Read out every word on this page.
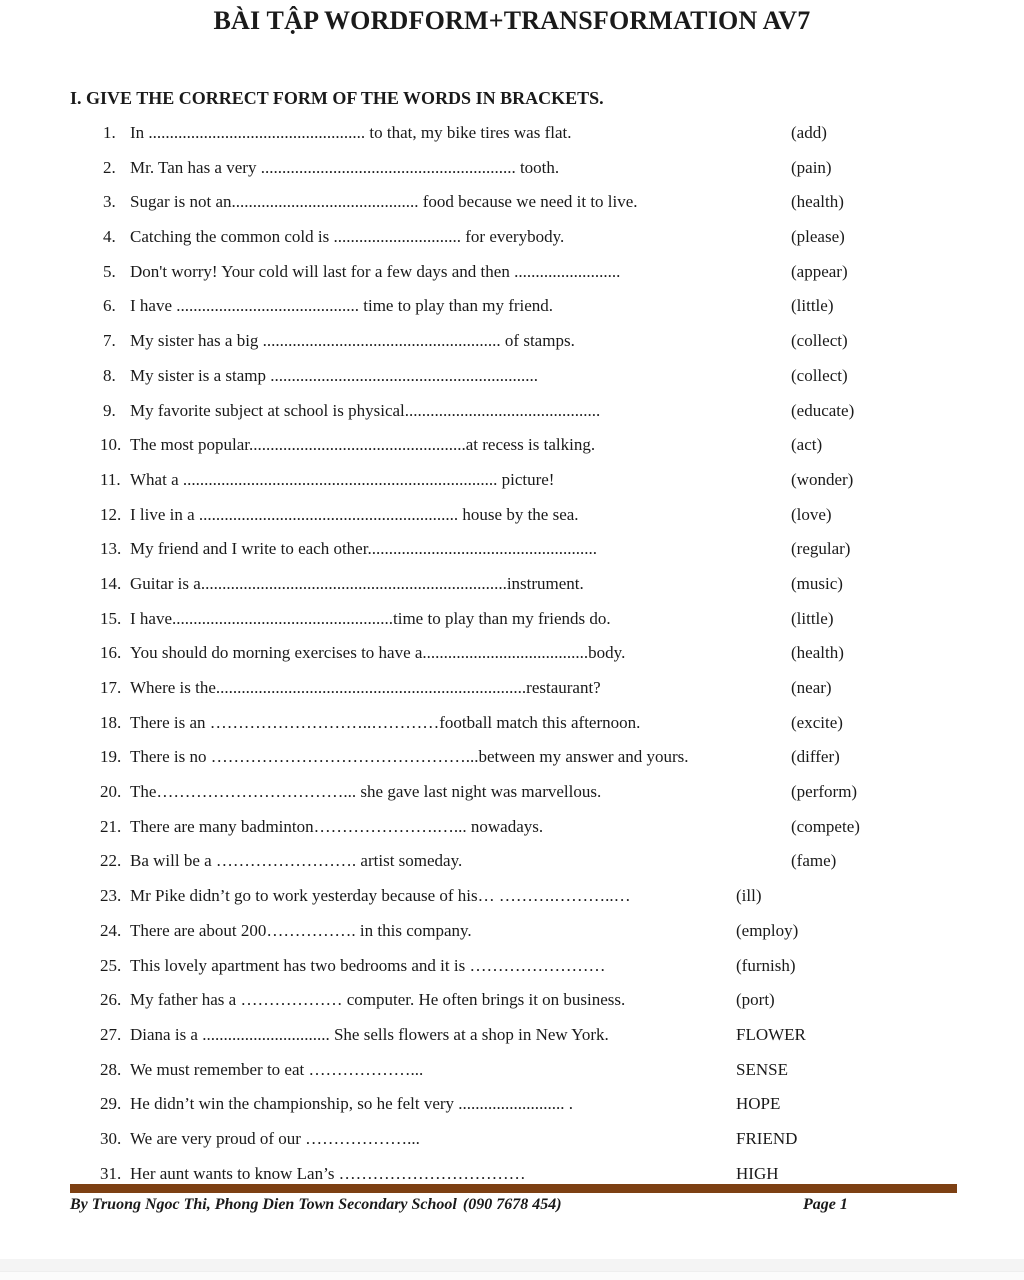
BÀI TẬP WORDFORM+TRANSFORMATION AV7
I. GIVE THE CORRECT FORM OF THE WORDS IN BRACKETS.
1. In ................................................... to that, my bike tires was flat.	(add)
2. Mr. Tan has a very ............................................................ tooth.	(pain)
3. Sugar is not an............................................ food because we need it to live.	(health)
4. Catching the common cold is .............................. for everybody.	(please)
5. Don't worry! Your cold will last for a few days and then .........................	(appear)
6. I have ........................................... time to play than my friend.	(little)
7. My sister has a big ........................................................ of stamps.	(collect)
8. My sister is a stamp ...............................................................	(collect)
9. My favorite subject at school is physical..............................................	(educate)
10. The most popular...................................................at recess is talking.	(act)
11. What a .......................................................................... picture!	(wonder)
12. I live in a ............................................................. house by the sea.	(love)
13. My friend and I write to each other......................................................	(regular)
14. Guitar is a........................................................................instrument.	(music)
15. I have....................................................time to play than my friends do.	(little)
16. You should do morning exercises to have a.......................................body.	(health)
17. Where is the.........................................................................restaurant?	(near)
18. There is an ………………………..…………football match this afternoon.	(excite)
19. There is no ………………………………………...between my answer and yours.	(differ)
20. The……………………………... she gave last night was marvellous.	(perform)
21. There are many badminton………………….…... nowadays.	(compete)
22. Ba will be a ……………………. artist someday.	(fame)
23. Mr Pike didn’t go to work yesterday because of his… ……….………..…	(ill)
24. There are about 200……………. in this company.	(employ)
25. This lovely apartment has two bedrooms and it is ……………………	(furnish)
26. My father has a ……………… computer. He often brings it on business.	(port)
27. Diana is a .............................. She sells flowers at a shop in New York.	FLOWER
28. We must remember to eat ………………...	SENSE
29. He didn’t win the championship, so he felt very ......................... .	HOPE
30. We are very proud of our ………………...	FRIEND
31. Her aunt wants to know Lan’s ……………………………	HIGH
By Truong Ngoc Thi, Phong Dien Town Secondary School (090 7678 454)	Page 1
